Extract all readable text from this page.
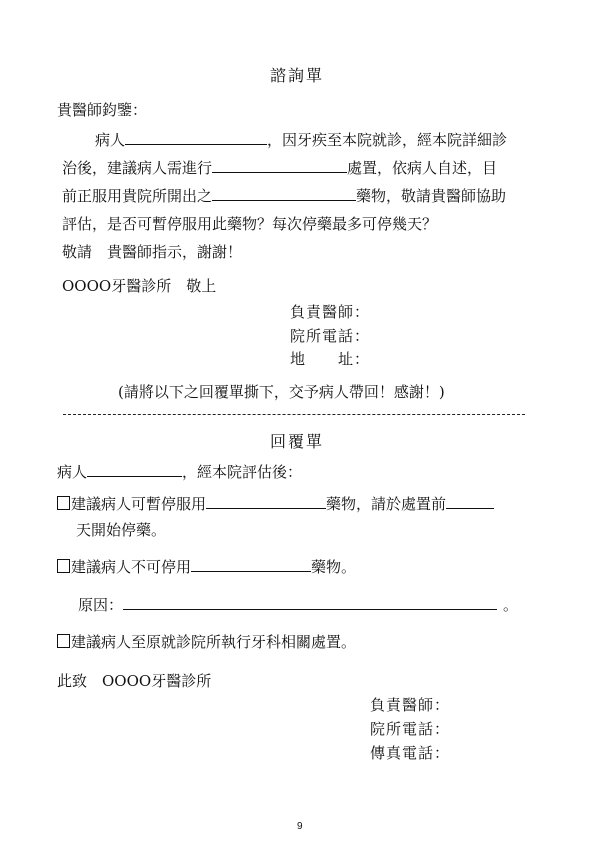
諮詢單
貴醫師鈞鑒：
病人	，因牙疾至本院就診，經本院詳細診
治後，建議病人需進行	處置，依病人自述，目
前正服用貴院所開出之	藥物，敬請貴醫師協助
評估，是否可暫停服用此藥物？每次停藥最多可停幾天？
敬請　貴醫師指示，謝謝！
OOOO牙醫診所　敬上
負責醫師：
院所電話：
地　　址：
(請將以下之回覆單撕下，交予病人帶回！感謝！)
回覆單
病人	，經本院評估後：
建議病人可暫停服用	藥物，請於處置前
天開始停藥。
建議病人不可停用	藥物。
原因：	。
建議病人至原就診院所執行牙科相關處置。
此致　OOOO牙醫診所
負責醫師：
院所電話：
傳真電話：
9
